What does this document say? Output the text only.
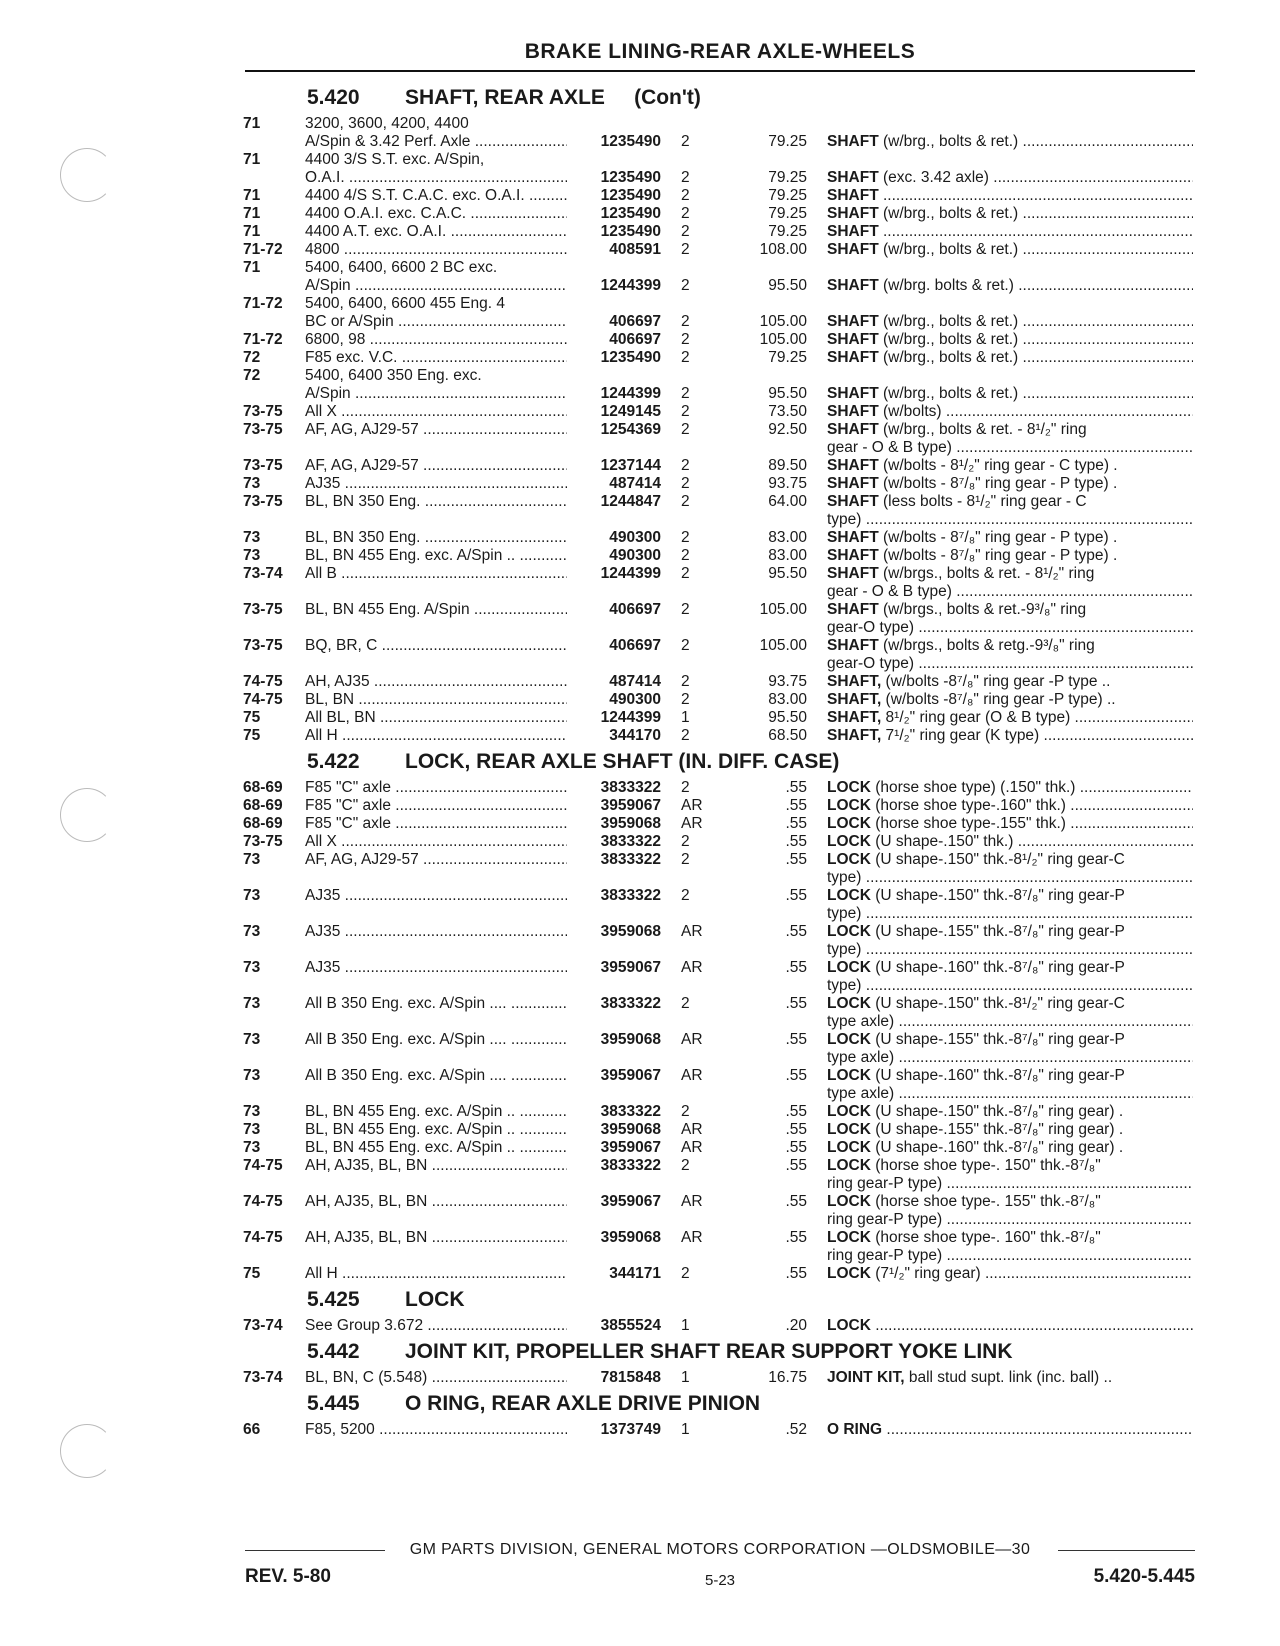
BRAKE LINING-REAR AXLE-WHEELS
5.420 SHAFT, REAR AXLE     (Con't)
71	3200, 3600, 4200, 4400
A/Spin & 3.42 Perf. Axle .....	1235490 2	79.25 SHAFT (w/brg., bolts & ret.) .....
71	4400 3/S S.T. exc. A/Spin,
O.A.I. .....	1235490 2	79.25 SHAFT (exc. 3.42 axle) .....
71	4400 4/S S.T. C.A.C. exc. O.A.I. .....	1235490 2	79.25 SHAFT .....
71	4400 O.A.I. exc. C.A.C. .....	1235490 2	79.25 SHAFT (w/brg., bolts & ret.) .....
71	4400 A.T. exc. O.A.I. .....	1235490 2	79.25 SHAFT .....
71-72 4800 .....	408591 2	108.00 SHAFT (w/brg., bolts & ret.) .....
71	5400, 6400, 6600 2 BC exc.
A/Spin .....	1244399 2	95.50 SHAFT (w/brg. bolts & ret.) .....
71-72 5400, 6400, 6600 455 Eng. 4
BC or A/Spin .....	406697 2	105.00 SHAFT (w/brg., bolts & ret.) .....
71-72 6800, 98 .....	406697 2	105.00 SHAFT (w/brg., bolts & ret.) .....
72	F85 exc. V.C. .....	1235490 2	79.25 SHAFT (w/brg., bolts & ret.) .....
72	5400, 6400 350 Eng. exc.
A/Spin .....	1244399 2	95.50 SHAFT (w/brg., bolts & ret.) .....
73-75 All X .....	1249145 2	73.50 SHAFT (w/bolts) .....
73-75 AF, AG, AJ29-57 .....	1254369 2	92.50 SHAFT (w/brg., bolts & ret. - 8¹/₂" ring
gear - O & B type) .....
73-75 AF, AG, AJ29-57 .....	1237144 2	89.50 SHAFT (w/bolts - 8¹/₂" ring gear - C type) .
73	AJ35 .....	487414 2	93.75 SHAFT (w/bolts - 8⁷/₈" ring gear - P type) .
73-75 BL, BN 350 Eng. .....	1244847 2	64.00 SHAFT (less bolts - 8¹/₂" ring gear - C
type) .....
73	BL, BN 350 Eng. .....	490300 2	83.00 SHAFT (w/bolts - 8⁷/₈" ring gear - P type) .
73	BL, BN 455 Eng. exc. A/Spin .. .....	490300 2	83.00 SHAFT (w/bolts - 8⁷/₈" ring gear - P type) .
73-74 All B .....	1244399 2	95.50 SHAFT (w/brgs., bolts & ret. - 8¹/₂" ring
gear - O & B type) .....
73-75 BL, BN 455 Eng. A/Spin .....	406697 2	105.00 SHAFT (w/brgs., bolts & ret.-9³/₈" ring
gear-O type) .....
73-75 BQ, BR, C .....	406697 2	105.00 SHAFT (w/brgs., bolts & retg.-9³/₈" ring
gear-O type) .....
74-75 AH, AJ35 .....	487414 2	93.75 SHAFT, (w/bolts -8⁷/₈" ring gear -P type ..
74-75 BL, BN .....	490300 2	83.00 SHAFT, (w/bolts -8⁷/₈" ring gear -P type) ..
75	All BL, BN .....	1244399 1	95.50 SHAFT, 8¹/₂" ring gear (O & B type) .....
75	All H .....	344170 2	68.50 SHAFT, 7¹/₂" ring gear (K type) .....
5.422 LOCK, REAR AXLE SHAFT (IN. DIFF. CASE)
68-69 F85 "C" axle .....	3833322 2	.55 LOCK (horse shoe type) (.150" thk.) .....
68-69 F85 "C" axle .....	3959067 AR	.55 LOCK (horse shoe type-.160" thk.) .....
68-69 F85 "C" axle .....	3959068 AR	.55 LOCK (horse shoe type-.155" thk.) .....
73-75 All X .....	3833322 2	.55 LOCK (U shape-.150" thk.) .....
73	AF, AG, AJ29-57 .....	3833322 2	.55 LOCK (U shape-.150" thk.-8¹/₂" ring gear-C
type) .....
73	AJ35 .....	3833322 2	.55 LOCK (U shape-.150" thk.-8⁷/₈" ring gear-P
type) .....
73	AJ35 .....	3959068 AR	.55 LOCK (U shape-.155" thk.-8⁷/₈" ring gear-P
type) .....
73	AJ35 .....	3959067 AR	.55 LOCK (U shape-.160" thk.-8⁷/₈" ring gear-P
type) .....
73	All B 350 Eng. exc. A/Spin .... .....	3833322 2	.55 LOCK (U shape-.150" thk.-8¹/₂" ring gear-C
type axle) .....
73	All B 350 Eng. exc. A/Spin .... .....	3959068 AR	.55 LOCK (U shape-.155" thk.-8⁷/₈" ring gear-P
type axle) .....
73	All B 350 Eng. exc. A/Spin .... .....	3959067 AR	.55 LOCK (U shape-.160" thk.-8⁷/₈" ring gear-P
type axle) .....
73	BL, BN 455 Eng. exc. A/Spin .. .....	3833322 2	.55 LOCK (U shape-.150" thk.-8⁷/₈" ring gear) .
73	BL, BN 455 Eng. exc. A/Spin .. .....	3959068 AR	.55 LOCK (U shape-.155" thk.-8⁷/₈" ring gear) .
73	BL, BN 455 Eng. exc. A/Spin .. .....	3959067 AR	.55 LOCK (U shape-.160" thk.-8⁷/₈" ring gear) .
74-75 AH, AJ35, BL, BN .....	3833322 2	.55 LOCK (horse shoe type-. 150" thk.-8⁷/₈"
ring gear-P type) .....
74-75 AH, AJ35, BL, BN .....	3959067 AR	.55 LOCK (horse shoe type-. 155" thk.-8⁷/₈"
ring gear-P type) .....
74-75 AH, AJ35, BL, BN .....	3959068 AR	.55 LOCK (horse shoe type-. 160" thk.-8⁷/₈"
ring gear-P type) .....
75	All H .....	344171 2	.55 LOCK (7¹/₂" ring gear) .....
5.425 LOCK
73-74 See Group 3.672 .....	3855524 1	.20 LOCK .....
5.442 JOINT KIT, PROPELLER SHAFT REAR SUPPORT YOKE LINK
73-74 BL, BN, C (5.548) .....	7815848 1	16.75 JOINT KIT, ball stud supt. link (inc. ball) ..
5.445 O RING, REAR AXLE DRIVE PINION
66	F85, 5200 .....	1373749 1	.52 O RING .....
GM PARTS DIVISION, GENERAL MOTORS CORPORATION —OLDSMOBILE—30
REV. 5-80	5-23	5.420-5.445
